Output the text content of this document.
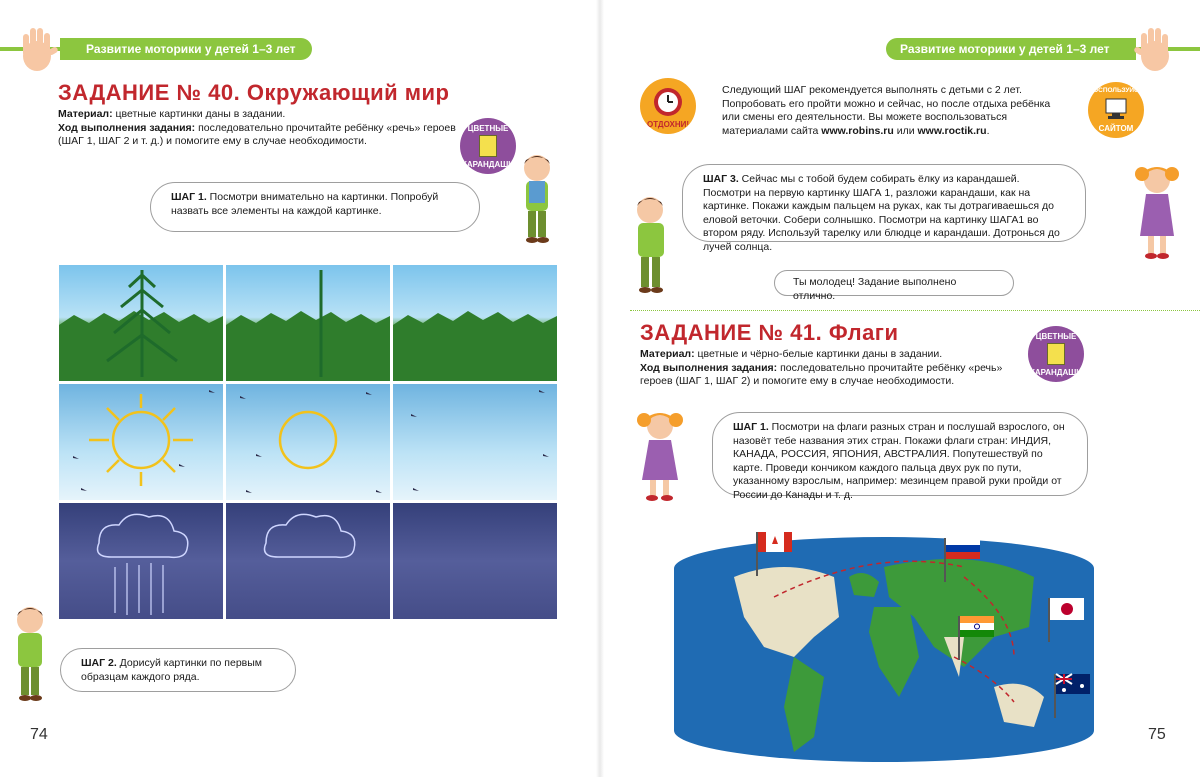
Развитие моторики у детей 1–3 лет
ЗАДАНИЕ № 40. Окружающий мир
Материал: цветные картинки даны в задании.
Ход выполнения задания: последовательно прочитайте ребёнку «речь» героев (ШАГ 1, ШАГ 2 и т. д.) и помогите ему в случае необходимости.
ЦВЕТНЫЕ
КАРАНДАШИ
ШАГ 1. Посмотри внимательно на картинки. Попробуй назвать все элементы на каждой картинке.
ШАГ 2. Дорисуй картинки по первым образцам каждого ряда.
74
Развитие моторики у детей 1–3 лет
ОТДОХНИ!
Следующий ШАГ рекомендуется выполнять с детьми с 2 лет.
Попробовать его пройти можно и сейчас, но после отдыха ребёнка
или смены его деятельности. Вы можете воспользоваться
материалами сайта www.robins.ru или www.roctik.ru.
ВОСПОЛЬЗУЙСЯ
САЙТОМ
ШАГ 3. Сейчас мы с тобой будем собирать ёлку из карандашей. Посмотри на первую картинку ШАГА 1, разложи карандаши, как на картинке. Покажи каждым пальцем на руках, как ты дотрагиваешься до еловой веточки. Собери солнышко. Посмотри на картинку ШАГА1 во втором ряду. Используй тарелку или блюдце и карандаши. Дотронься до лучей солнца.
Ты молодец! Задание выполнено отлично.
ЗАДАНИЕ № 41. Флаги
Материал: цветные и чёрно-белые картинки даны в задании.
Ход выполнения задания: последовательно прочитайте ребёнку «речь» героев (ШАГ 1, ШАГ 2) и помогите ему в случае необходимости.
ЦВЕТНЫЕ
КАРАНДАШИ
ШАГ 1. Посмотри на флаги разных стран и послушай взрослого, он назовёт тебе названия этих стран. Покажи флаги стран: ИНДИЯ, КАНАДА, РОССИЯ, ЯПОНИЯ, АВСТРАЛИЯ. Попутешествуй по карте. Проведи кончиком каждого пальца двух рук по пути, указанному взрослым, например: мезинцем правой руки пройди от России до Канады и т. д.
75
